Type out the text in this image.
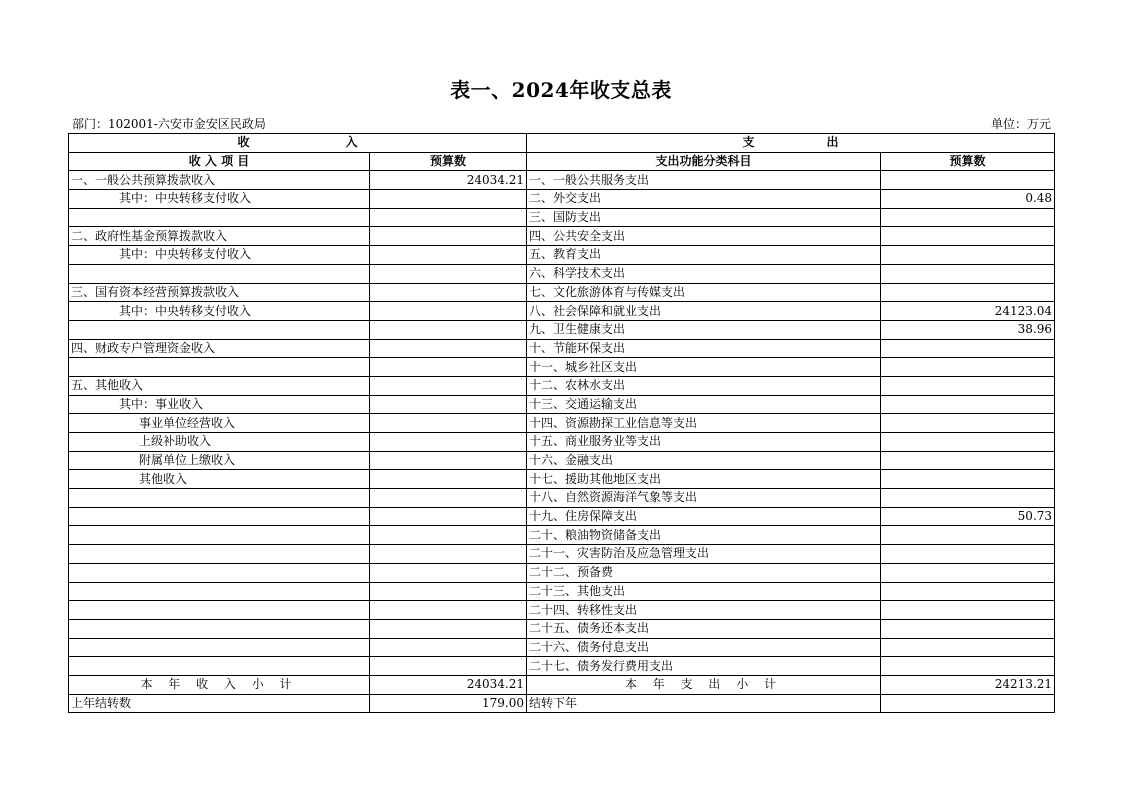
表一、2024年收支总表
部门：102001-六安市金安区民政局	单位：万元
收　　　　　　　　入		支　　　　　　出	
收 入 项 目	预算数	支出功能分类科目	预算数
一、一般公共预算拨款收入	24034.21	一、一般公共服务支出	
其中：中央转移支付收入		二、外交支出	0.48
		三、国防支出	
二、政府性基金预算拨款收入		四、公共安全支出	
其中：中央转移支付收入		五、教育支出	
		六、科学技术支出	
三、国有资本经营预算拨款收入		七、文化旅游体育与传媒支出	
其中：中央转移支付收入		八、社会保障和就业支出	24123.04
		九、卫生健康支出	38.96
四、财政专户管理资金收入		十、节能环保支出	
		十一、城乡社区支出	
五、其他收入		十二、农林水支出	
其中：事业收入		十三、交通运输支出	
事业单位经营收入		十四、资源勘探工业信息等支出	
上级补助收入		十五、商业服务业等支出	
附属单位上缴收入		十六、金融支出	
其他收入		十七、援助其他地区支出	
		十八、自然资源海洋气象等支出	
		十九、住房保障支出	50.73
		二十、粮油物资储备支出	
		二十一、灾害防治及应急管理支出	
		二十二、预备费	
		二十三、其他支出	
		二十四、转移性支出	
		二十五、债务还本支出	
		二十六、债务付息支出	
		二十七、债务发行费用支出	
本 年 收 入 小 计	24034.21	本 年 支 出 小 计	24213.21
上年结转数	179.00	结转下年	
